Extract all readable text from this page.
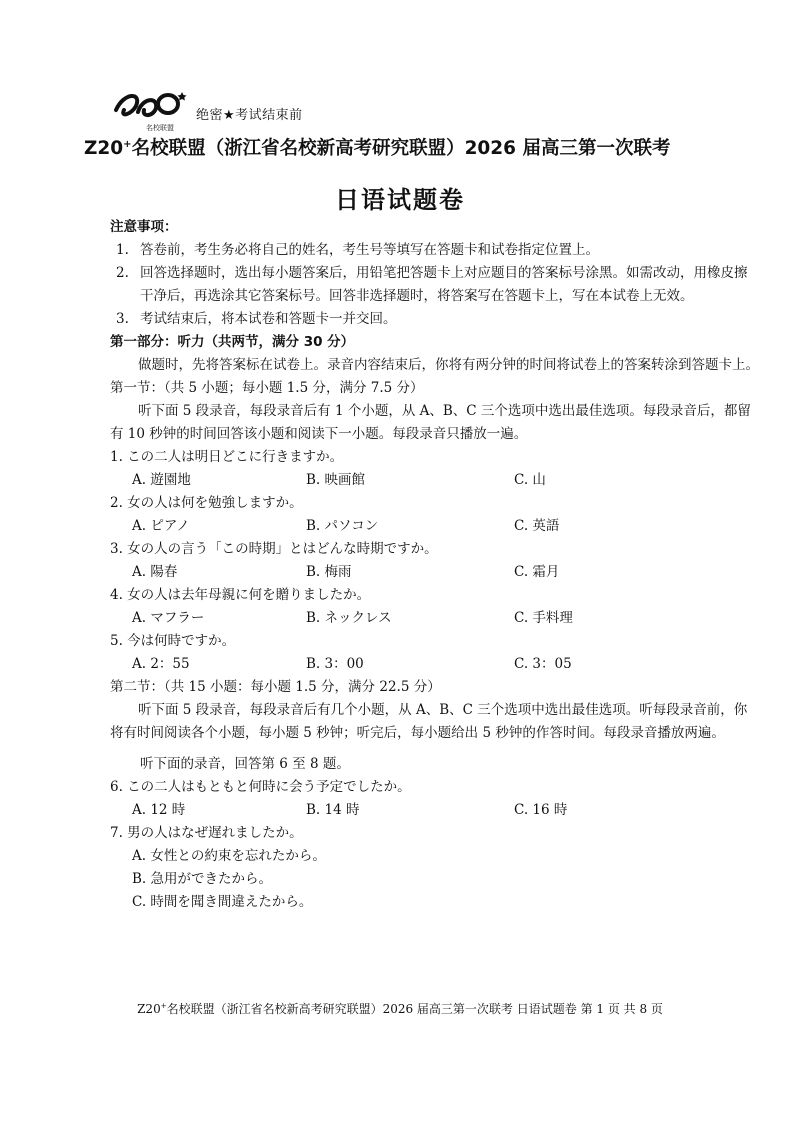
名校联盟
绝密★考试结束前
Z20+名校联盟（浙江省名校新高考研究联盟）2026 届高三第一次联考
日语试题卷
注意事项：
1. 答卷前，考生务必将自己的姓名，考生号等填写在答题卡和试卷指定位置上。
2. 回答选择题时，选出每小题答案后，用铅笔把答题卡上对应题目的答案标号涂黑。如需改动，用橡皮擦干净后，再选涂其它答案标号。回答非选择题时，将答案写在答题卡上，写在本试卷上无效。
3. 考试结束后，将本试卷和答题卡一并交回。
第一部分：听力（共两节，满分 30 分）
做题时，先将答案标在试卷上。录音内容结束后，你将有两分钟的时间将试卷上的答案转涂到答题卡上。
第一节：（共 5 小题；每小题 1.5 分，满分 7.5 分）
听下面 5 段录音，每段录音后有 1 个小题，从 A、B、C 三个选项中选出最佳选项。每段录音后，都留有 10 秒钟的时间回答该小题和阅读下一小题。每段录音只播放一遍。
1. この二人は明日どこに行きますか。
A. 遊園地	B. 映画館	C. 山
2. 女の人は何を勉強しますか。
A. ピアノ	B. パソコン	C. 英語
3. 女の人の言う「この時期」とはどんな時期ですか。
A. 陽春	B. 梅雨	C. 霜月
4. 女の人は去年母親に何を贈りましたか。
A. マフラー	B. ネックレス	C. 手料理
5. 今は何時ですか。
A. 2：55	B. 3：00	C. 3：05
第二节：（共 15 小题：每小题 1.5 分，满分 22.5 分）
听下面 5 段录音，每段录音后有几个小题，从 A、B、C 三个选项中选出最佳选项。听每段录音前，你将有时间阅读各个小题，每小题 5 秒钟；听完后，每小题给出 5 秒钟的作答时间。每段录音播放两遍。
听下面的录音，回答第 6 至 8 题。
6. この二人はもともと何時に会う予定でしたか。
A. 12 時	B. 14 時	C. 16 時
7. 男の人はなぜ遅れましたか。
A. 女性との約束を忘れたから。
B. 急用ができたから。
C. 時間を聞き間違えたから。
Z20+名校联盟（浙江省名校新高考研究联盟）2026 届高三第一次联考 日语试题卷 第 1 页 共 8 页
